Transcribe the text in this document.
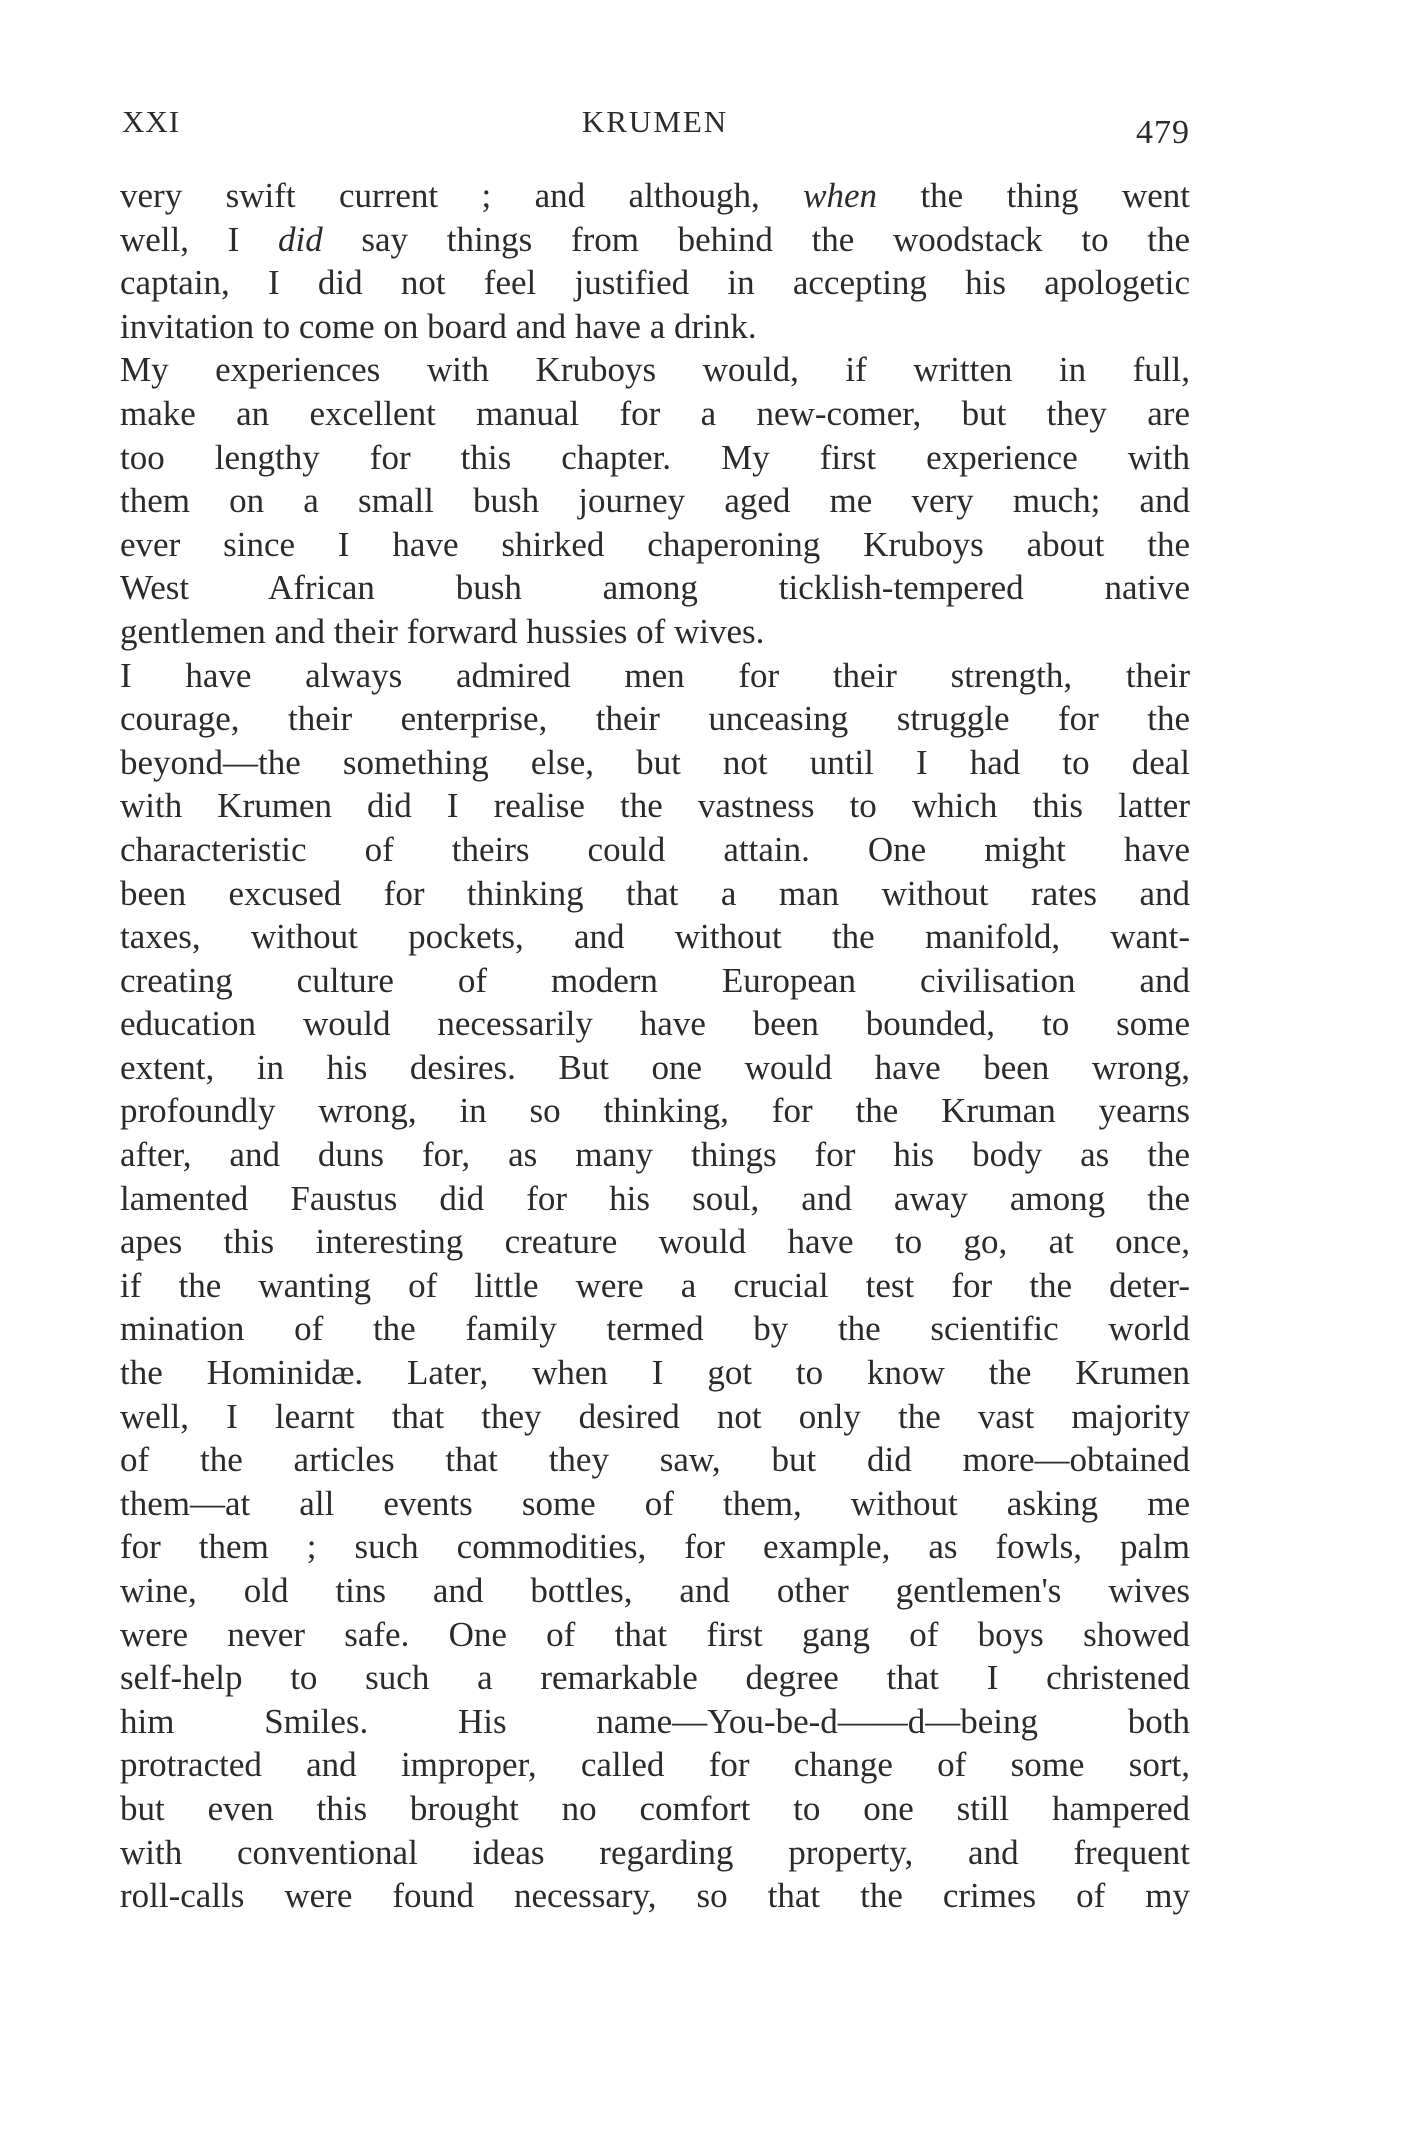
XXI	KRUMEN	479
very swift current ; and although, when the thing went
well, I did say things from behind the woodstack to the
captain, I did not feel justified in accepting his apologetic
invitation to come on board and have a drink.
My experiences with Kruboys would, if written in full,
make an excellent manual for a new-comer, but they are
too lengthy for this chapter. My first experience with
them on a small bush journey aged me very much; and
ever since I have shirked chaperoning Kruboys about the
West African bush among ticklish-tempered native
gentlemen and their forward hussies of wives.
I have always admired men for their strength, their
courage, their enterprise, their unceasing struggle for the
beyond—the something else, but not until I had to deal
with Krumen did I realise the vastness to which this latter
characteristic of theirs could attain. One might have
been excused for thinking that a man without rates and
taxes, without pockets, and without the manifold, want-
creating culture of modern European civilisation and
education would necessarily have been bounded, to some
extent, in his desires. But one would have been wrong,
profoundly wrong, in so thinking, for the Kruman yearns
after, and duns for, as many things for his body as the
lamented Faustus did for his soul, and away among the
apes this interesting creature would have to go, at once,
if the wanting of little were a crucial test for the deter-
mination of the family termed by the scientific world
the Hominidæ. Later, when I got to know the Krumen
well, I learnt that they desired not only the vast majority
of the articles that they saw, but did more—obtained
them—at all events some of them, without asking me
for them ; such commodities, for example, as fowls, palm
wine, old tins and bottles, and other gentlemen's wives
were never safe. One of that first gang of boys showed
self-help to such a remarkable degree that I christened
him Smiles. His name—You-be-d——d—being both
protracted and improper, called for change of some sort,
but even this brought no comfort to one still hampered
with conventional ideas regarding property, and frequent
roll-calls were found necessary, so that the crimes of my
